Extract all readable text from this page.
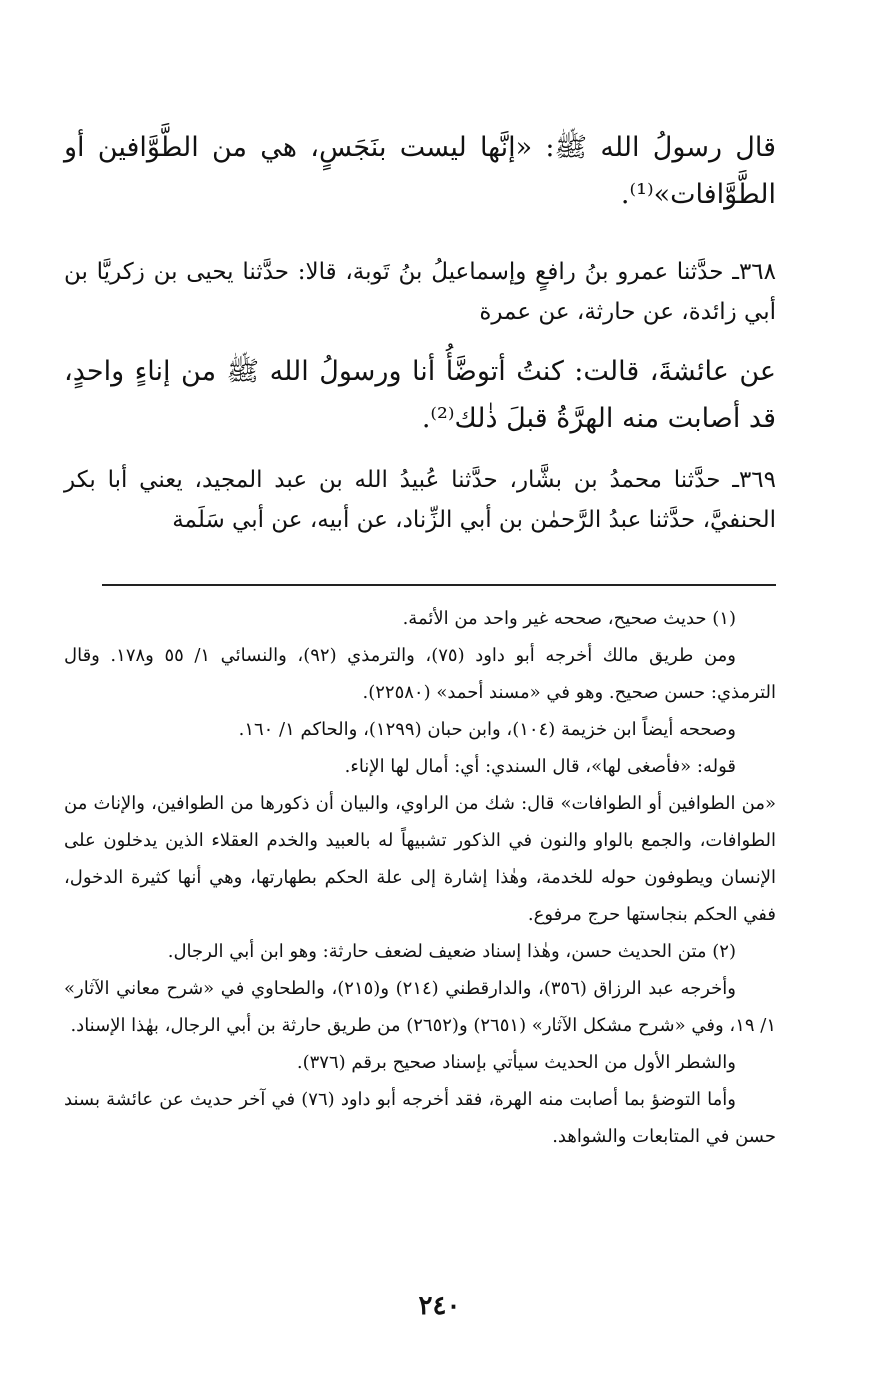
قال رسولُ الله ﷺ: «إنَّها ليست بنَجَسٍ، هي من الطَّوَّافين أو الطَّوَّافات»⁽¹⁾.

٣٦٨ـ حدَّثنا عمرو بنُ رافعٍ وإسماعيلُ بنُ تَوبة، قالا: حدَّثنا يحيى بن زكريَّا بن أبي زائدة، عن حارثة، عن عمرة

عن عائشةَ، قالت: كنتُ أتوضَّأُ أنا ورسولُ الله ﷺ من إناءٍ واحدٍ، قد أصابت منه الهرَّةُ قبلَ ذٰلك⁽²⁾.

٣٦٩ـ حدَّثنا محمدُ بن بشَّار، حدَّثنا عُبيدُ الله بن عبد المجيد، يعني أبا بكر الحنفيَّ، حدَّثنا عبدُ الرَّحمٰن بن أبي الزِّناد، عن أبيه، عن أبي سَلَمة

(١) حديث صحيح، صححه غير واحد من الأئمة.

ومن طريق مالك أخرجه أبو داود (٧٥)، والترمذي (٩٢)، والنسائي ١/ ٥٥ و١٧٨. وقال الترمذي: حسن صحيح. وهو في «مسند أحمد» (٢٢٥٨٠).

وصححه أيضاً ابن خزيمة (١٠٤)، وابن حبان (١٢٩٩)، والحاكم ١/ ١٦٠.

قوله: «فأصغى لها»، قال السندي: أي: أمال لها الإناء.

«من الطوافين أو الطوافات» قال: شك من الراوي، والبيان أن ذكورها من الطوافين، والإناث من الطوافات، والجمع بالواو والنون في الذكور تشبيهاً له بالعبيد والخدم العقلاء الذين يدخلون على الإنسان ويطوفون حوله للخدمة، وهٰذا إشارة إلى علة الحكم بطهارتها، وهي أنها كثيرة الدخول، ففي الحكم بنجاستها حرج مرفوع.

(٢) متن الحديث حسن، وهٰذا إسناد ضعيف لضعف حارثة: وهو ابن أبي الرجال.

وأخرجه عبد الرزاق (٣٥٦)، والدارقطني (٢١٤) و(٢١٥)، والطحاوي في «شرح معاني الآثار» ١/ ١٩، وفي «شرح مشكل الآثار» (٢٦٥١) و(٢٦٥٢) من طريق حارثة بن أبي الرجال، بهٰذا الإسناد.

والشطر الأول من الحديث سيأتي بإسناد صحيح برقم (٣٧٦).

وأما التوضؤ بما أصابت منه الهرة، فقد أخرجه أبو داود (٧٦) في آخر حديث عن عائشة بسند حسن في المتابعات والشواهد.

٢٤٠
